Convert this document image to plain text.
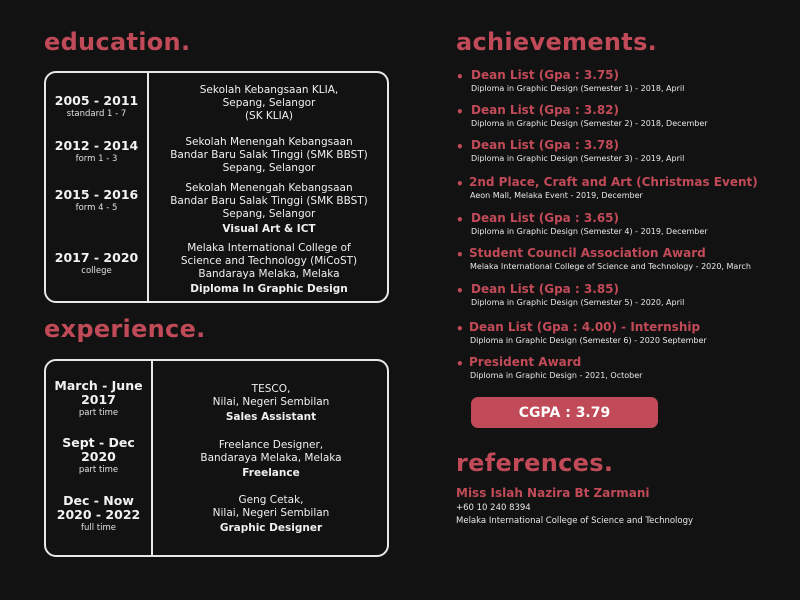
education.
2005 - 2011
standard 1 - 7
Sekolah Kebangsaan KLIA,
Sepang, Selangor
(SK KLIA)
2012 - 2014
form 1 - 3
Sekolah Menengah Kebangsaan
Bandar Baru Salak Tinggi (SMK BBST)
Sepang, Selangor
2015 - 2016
form 4 - 5
Sekolah Menengah Kebangsaan
Bandar Baru Salak Tinggi (SMK BBST)
Sepang, Selangor
Visual Art & ICT
2017 - 2020
college
Melaka International College of
Science and Technology (MiCoST)
Bandaraya Melaka, Melaka
Diploma In Graphic Design
experience.
March - June
2017
part time
TESCO,
Nilai, Negeri Sembilan
Sales Assistant
Sept - Dec
2020
part time
Freelance Designer,
Bandaraya Melaka, Melaka
Freelance
Dec - Now
2020 - 2022
full time
Geng Cetak,
Nilai, Negeri Sembilan
Graphic Designer
achievements.
• Dean List (Gpa : 3.75)
Diploma in Graphic Design (Semester 1) - 2018, April
• Dean List (Gpa : 3.82)
Diploma in Graphic Design (Semester 2) - 2018, December
• Dean List (Gpa : 3.78)
Diploma in Graphic Design (Semester 3) - 2019, April
• 2nd Place, Craft and Art (Christmas Event)
Aeon Mall, Melaka Event - 2019, December
• Dean List (Gpa : 3.65)
Diploma in Graphic Design (Semester 4) - 2019, December
• Student Council Association Award
Melaka International College of Science and Technology - 2020, March
• Dean List (Gpa : 3.85)
Diploma in Graphic Design (Semester 5) - 2020, April
• Dean List (Gpa : 4.00) - Internship
Diploma in Graphic Design (Semester 6) - 2020 September
• President Award
Diploma in Graphic Design - 2021, October
CGPA : 3.79
references.
Miss Islah Nazira Bt Zarmani
+60 10 240 8394
Melaka International College of Science and Technology
